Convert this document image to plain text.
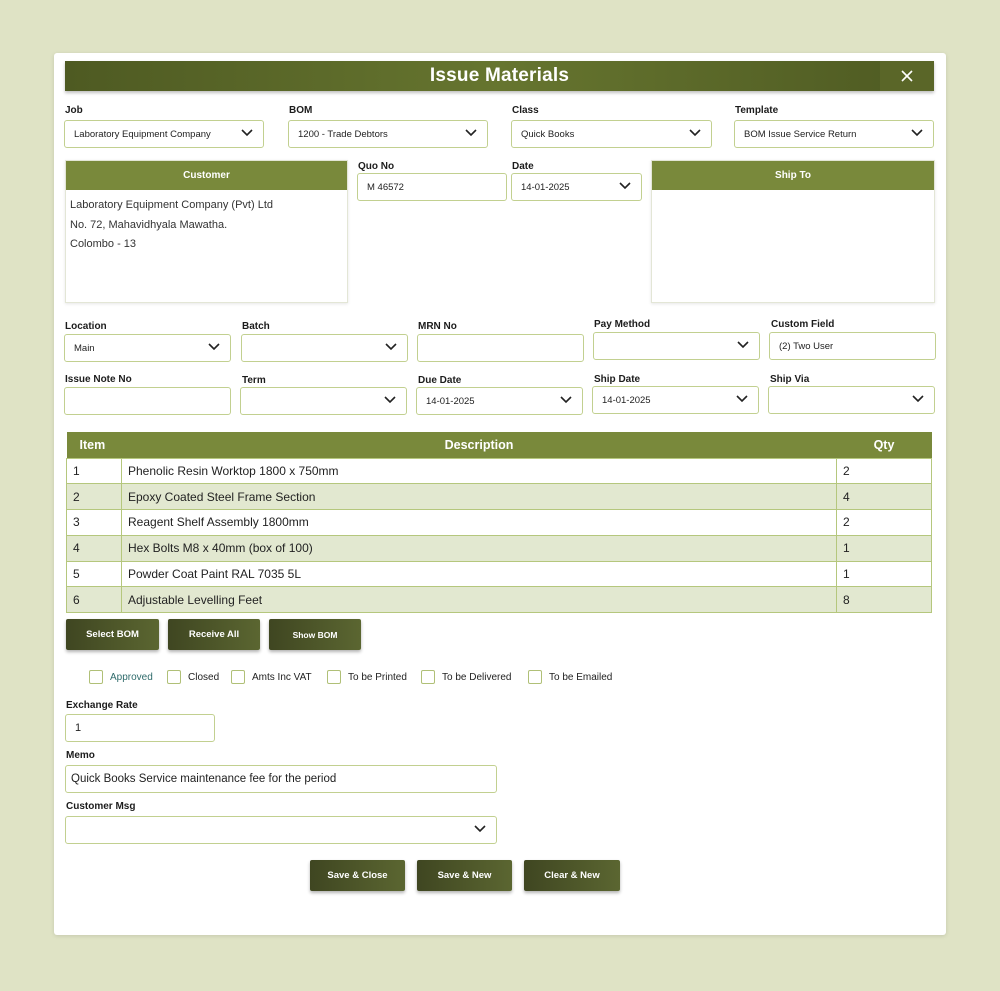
Issue Materials
Job
Laboratory Equipment Company
BOM
1200 - Trade Debtors
Class
Quick Books
Template
BOM Issue Service Return
Customer
Laboratory Equipment Company (Pvt) Ltd
No. 72, Mahavidhyala Mawatha.
Colombo - 13
Quo No
M 46572
Date
14-01-2025
Ship To
Location
Main
Batch	MRN No	Pay Method	Custom Field
(2) Two User
Issue Note No	Term	Due Date
14-01-2025
Ship Date
14-01-2025
Ship Via
Item	Description	Qty
1	Phenolic Resin Worktop 1800 x 750mm	2
2	Epoxy Coated Steel Frame Section	4
3	Reagent Shelf Assembly 1800mm	2
4	Hex Bolts M8 x 40mm (box of 100)	1
5	Powder Coat Paint RAL 7035 5L	1
6	Adjustable Levelling Feet	8
Select BOM	Receive All	Show BOM
Approved	Closed	Amts Inc VAT	To be Printed	To be Delivered	To be Emailed
Exchange Rate
1
Memo
Quick Books Service maintenance fee for the period
Customer Msg
Save & Close	Save & New	Clear & New
